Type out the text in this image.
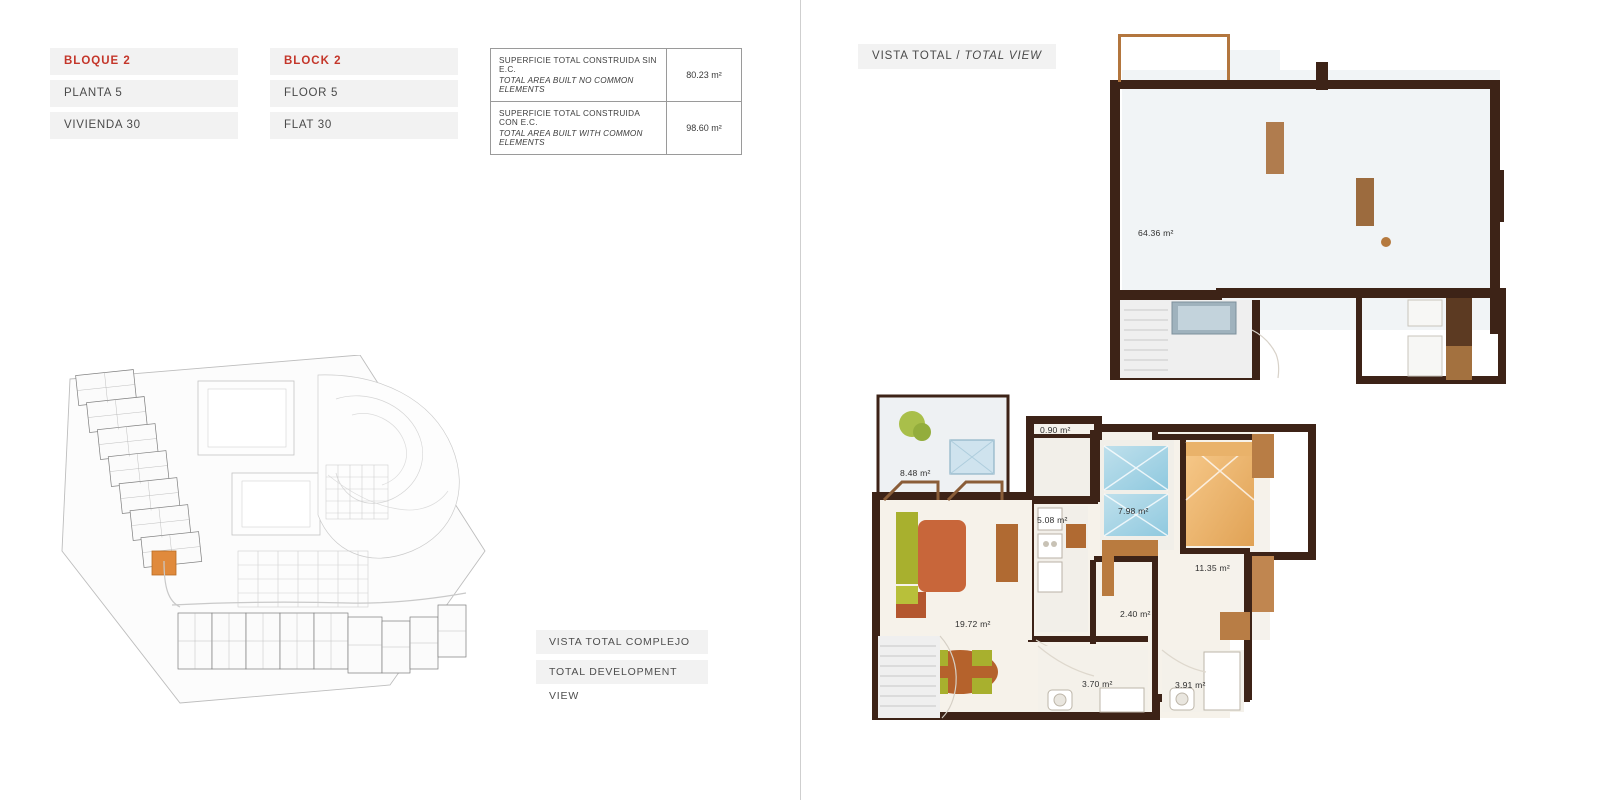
BLOQUE 2
PLANTA 5
VIVIENDA 30
BLOCK 2
FLOOR 5
FLAT 30
SUPERFICIE TOTAL CONSTRUIDA SIN E.C.
TOTAL AREA BUILT NO COMMON ELEMENTS	80.23 m²

SUPERFICIE TOTAL CONSTRUIDA CON E.C.
TOTAL AREA BUILT WITH COMMON ELEMENTS	98.60 m²
VISTA TOTAL COMPLEJO
TOTAL DEVELOPMENT VIEW
VISTA TOTAL / TOTAL VIEW
64.36 m²
8.48 m²
0.90 m²
5.08 m²
7.98 m²
11.35 m²
2.40 m²
19.72 m²
3.70 m²	3.91 m²
